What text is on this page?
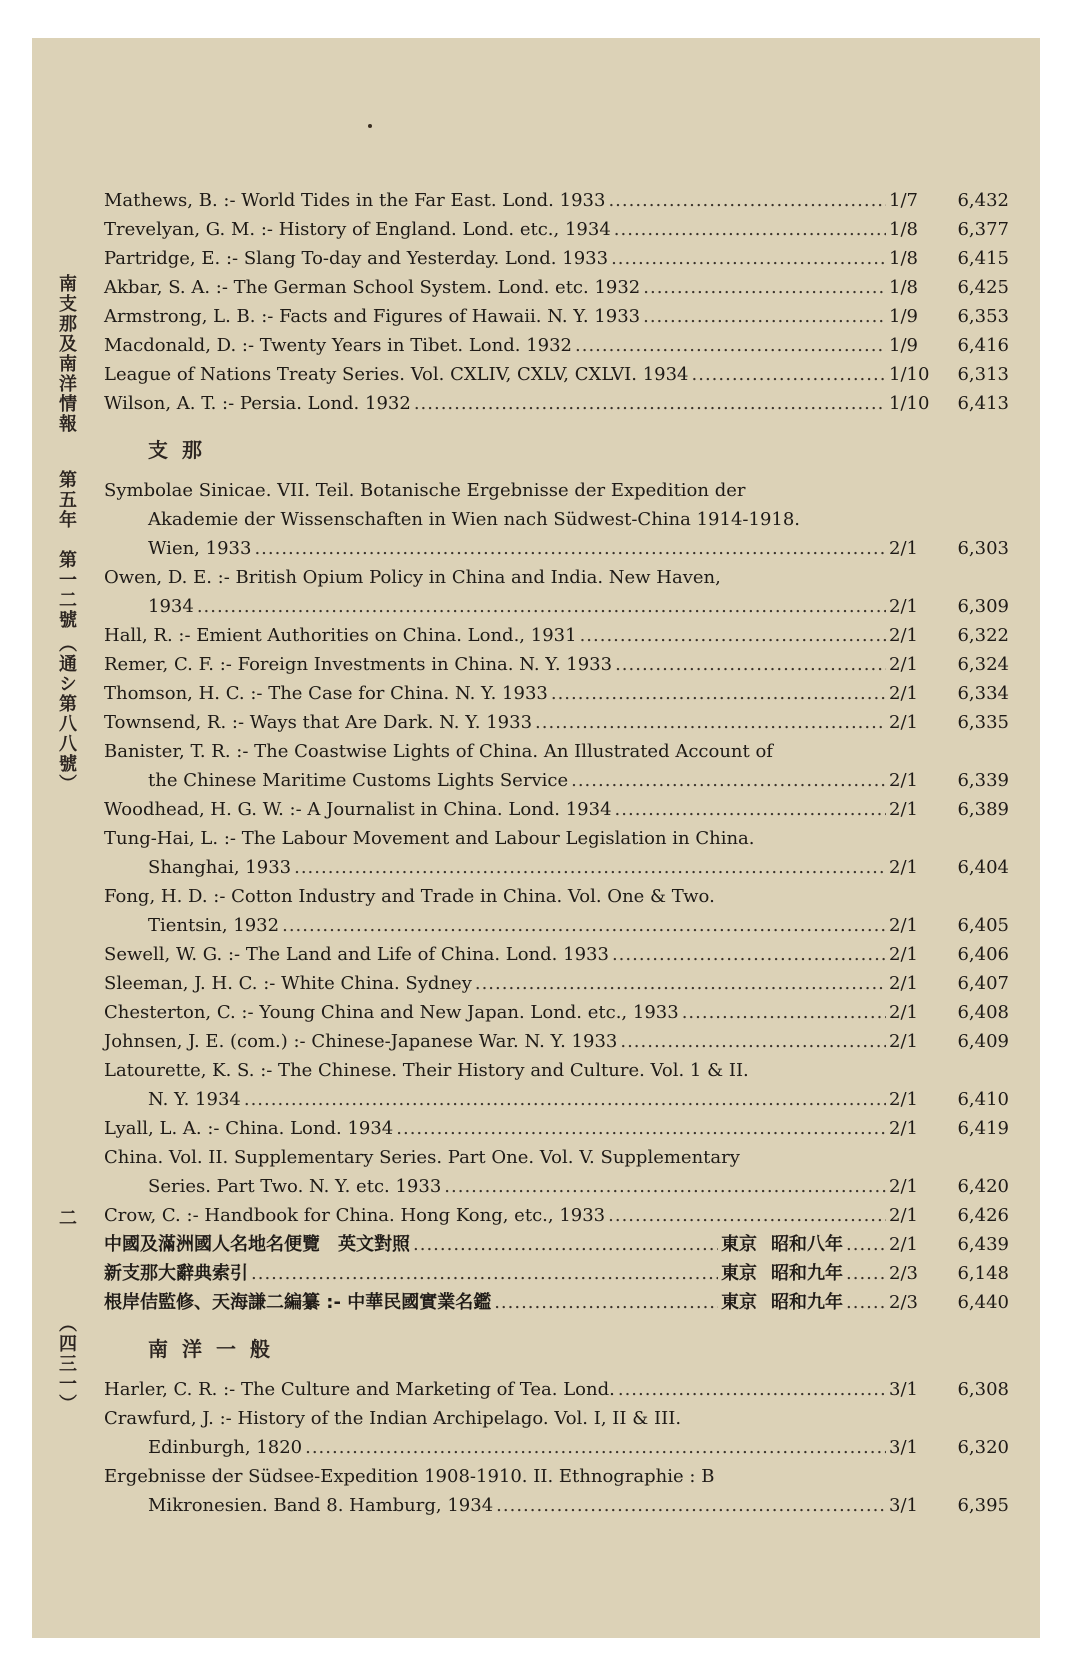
南支那及南洋情報
第五年　第一二號
（通シ第八八號）
二
（四三一）
Mathews, B. :- World Tides in the Far East. Lond. 1933 .....	1/7	6,432
Trevelyan, G. M. :- History of England. Lond. etc., 1934 .....	1/8	6,377
Partridge, E. :- Slang To-day and Yesterday. Lond. 1933 .....	1/8	6,415
Akbar, S. A. :- The German School System. Lond. etc. 1932 .....	1/8	6,425
Armstrong, L. B. :- Facts and Figures of Hawaii. N. Y. 1933 .....	1/9	6,353
Macdonald, D. :- Twenty Years in Tibet. Lond. 1932 .....	1/9	6,416
League of Nations Treaty Series. Vol. CXLIV, CXLV, CXLVI. 1934 .....	1/10	6,313
Wilson, A. T. :- Persia. Lond. 1932 .....	1/10	6,413
支那
Symbolae Sinicae. VII. Teil. Botanische Ergebnisse der Expedition der
Akademie der Wissenschaften in Wien nach Südwest-China 1914-1918.
Wien, 1933 .....	2/1	6,303
Owen, D. E. :- British Opium Policy in China and India. New Haven,
1934 .....	2/1	6,309
Hall, R. :- Emient Authorities on China. Lond., 1931 .....	2/1	6,322
Remer, C. F. :- Foreign Investments in China. N. Y. 1933 .....	2/1	6,324
Thomson, H. C. :- The Case for China. N. Y. 1933 .....	2/1	6,334
Townsend, R. :- Ways that Are Dark. N. Y. 1933 .....	2/1	6,335
Banister, T. R. :- The Coastwise Lights of China. An Illustrated Account of
the Chinese Maritime Customs Lights Service .....	2/1	6,339
Woodhead, H. G. W. :- A Journalist in China. Lond. 1934 .....	2/1	6,389
Tung-Hai, L. :- The Labour Movement and Labour Legislation in China.
Shanghai, 1933 .....	2/1	6,404
Fong, H. D. :- Cotton Industry and Trade in China. Vol. One & Two.
Tientsin, 1932 .....	2/1	6,405
Sewell, W. G. :- The Land and Life of China. Lond. 1933 .....	2/1	6,406
Sleeman, J. H. C. :- White China. Sydney .....	2/1	6,407
Chesterton, C. :- Young China and New Japan. Lond. etc., 1933 .....	2/1	6,408
Johnsen, J. E. (com.) :- Chinese-Japanese War. N. Y. 1933 .....	2/1	6,409
Latourette, K. S. :- The Chinese. Their History and Culture. Vol. 1 & II.
N. Y. 1934 .....	2/1	6,410
Lyall, L. A. :- China. Lond. 1934 .....	2/1	6,419
China. Vol. II. Supplementary Series. Part One. Vol. V. Supplementary
Series. Part Two. N. Y. etc. 1933 .....	2/1	6,420
Crow, C. :- Handbook for China. Hong Kong, etc., 1933 .....	2/1	6,426
中國及滿洲國人名地名便覽　英文對照 .....	東京 昭和八年 .....	2/1	6,439
新支那大辭典索引 .....	東京 昭和九年 .....	2/3	6,148
根岸佶監修、天海謙二編纂 :- 中華民國實業名鑑 .....	東京 昭和九年 .....	2/3	6,440
南洋一般
Harler, C. R. :- The Culture and Marketing of Tea. Lond. .....	3/1	6,308
Crawfurd, J. :- History of the Indian Archipelago. Vol. I, II & III.
Edinburgh, 1820 .....	3/1	6,320
Ergebnisse der Südsee-Expedition 1908-1910. II. Ethnographie : B
Mikronesien. Band 8. Hamburg, 1934 .....	3/1	6,395
